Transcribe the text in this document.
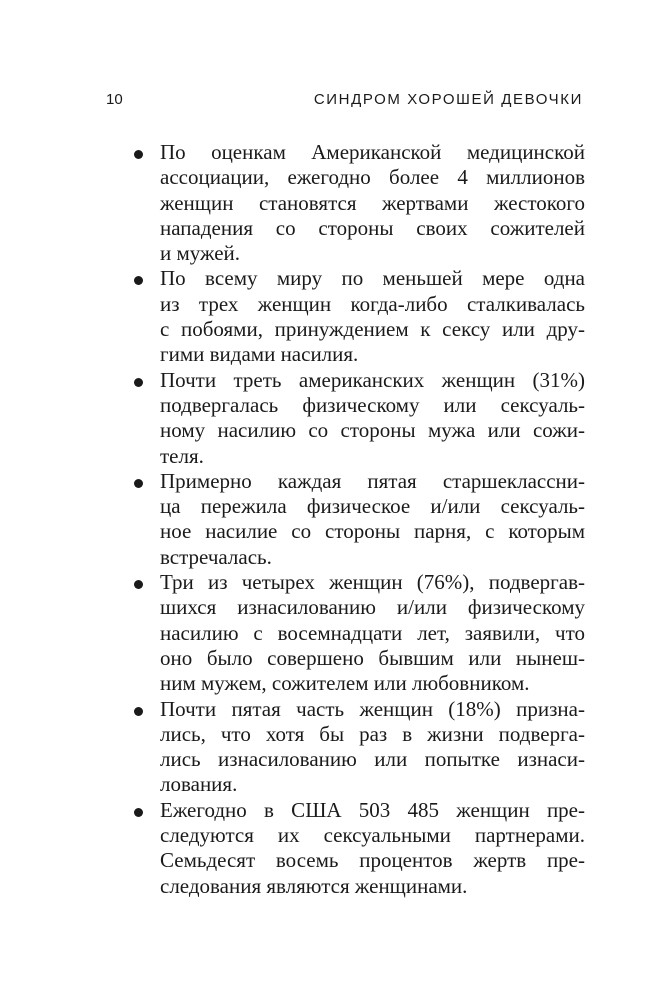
10	СИНДРОМ ХОРОШЕЙ ДЕВОЧКИ
По оценкам Американской медицинской
ассоциации, ежегодно более 4 миллионов
женщин становятся жертвами жестокого
нападения со стороны своих сожителей
и мужей.
По всему миру по меньшей мере одна
из трех женщин когда-либо сталкивалась
с побоями, принуждением к сексу или дру-
гими видами насилия.
Почти треть американских женщин (31%)
подвергалась физическому или сексуаль-
ному насилию со стороны мужа или сожи-
теля.
Примерно каждая пятая старшеклассни-
ца пережила физическое и/или сексуаль-
ное насилие со стороны парня, с которым
встречалась.
Три из четырех женщин (76%), подвергав-
шихся изнасилованию и/или физическому
насилию с восемнадцати лет, заявили, что
оно было совершено бывшим или нынеш-
ним мужем, сожителем или любовником.
Почти пятая часть женщин (18%) призна-
лись, что хотя бы раз в жизни подверга-
лись изнасилованию или попытке изнаси-
лования.
Ежегодно в США 503 485 женщин пре-
следуются их сексуальными партнерами.
Семьдесят восемь процентов жертв пре-
следования являются женщинами.
